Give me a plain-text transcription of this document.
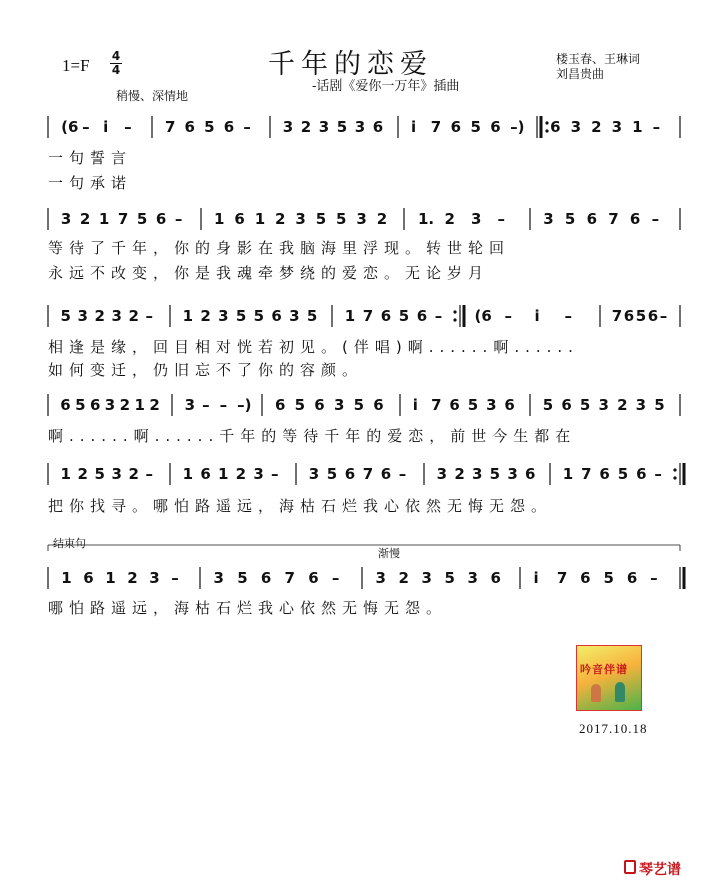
1=F	4
4
稍慢、深情地
千年的恋爱
-话剧《爱你一万年》插曲
楼玉春、王琳词
刘昌贵曲
(6 – i – 7 6 5 6 – 3 2 3 5 3 6 i 7 6 5 6 –) 6 3 2 3 1 –
一句誓言
一句承诺
3 2 1 7 5 6 – 1 6 1 2 3 5 5 3 2 1. 2 3 –	3 5 6 7 6 –
等待了千年，你的身影在我脑海里浮现。转世轮回
永远不改变，你是我魂牵梦绕的爱恋。无论岁月
5 3 2 3 2 – 1 2 3 5 5 6 3 5 1 7 6 5 6 – (6 – i –	7 6 5 6 –
相逢是缘，回目相对恍若初见。(伴唱)啊......啊......
如何变迁，仍旧忘不了你的容颜。
6 5 6 3 2 1 2 3 – – –) 6 5 6 3 5 6 i 7 6 5 3 6 5 6 5 3 2 3 5
啊......啊......千年的等待千年的爱恋，前世今生都在
1 2 5 3 2 – 1 6 1 2 3 – 3 5 6 7 6 – 3 2 3 5 3 6 1 7 6 5 6 –
把你找寻。哪怕路遥远，海枯石烂我心依然无悔无怨。
1 6 1 2 3 – 3 5 6 7 6 – 3 2 3 5 3 6 i 7 6 5 6 –
哪怕路遥远，海枯石烂我心依然无悔无怨。
结束句
渐慢
吟音伴谱
2017.10.18
琴艺谱
